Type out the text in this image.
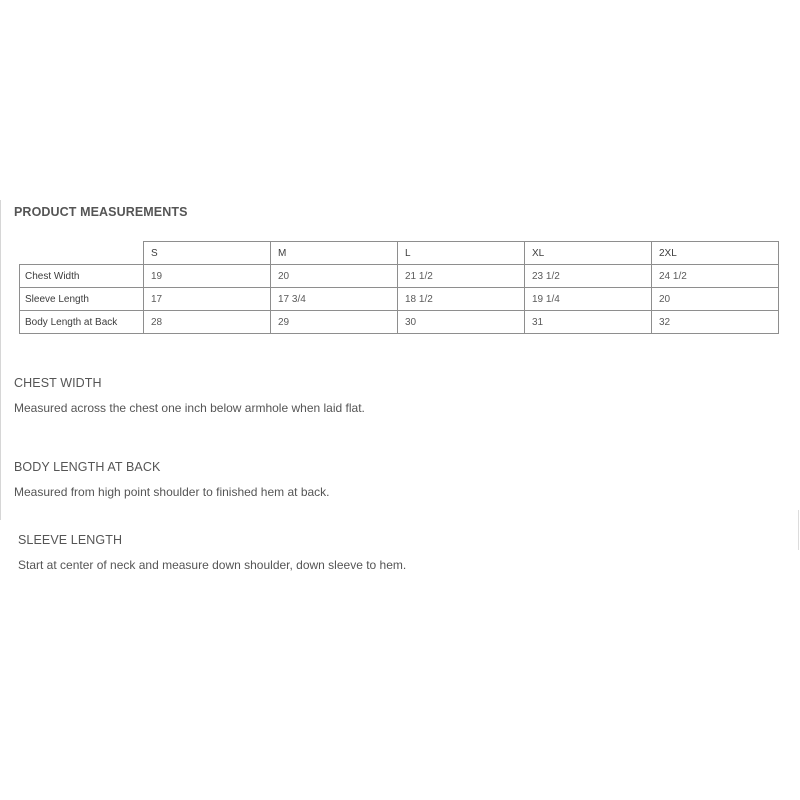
PRODUCT MEASUREMENTS
	S	M	L	XL	2XL
Chest Width	19	20	21 1/2	23 1/2	24 1/2
Sleeve Length	17	17 3/4	18 1/2	19 1/4	20
Body Length at Back	28	29	30	31	32
CHEST WIDTH
Measured across the chest one inch below armhole when laid flat.
BODY LENGTH AT BACK
Measured from high point shoulder to finished hem at back.
SLEEVE LENGTH
Start at center of neck and measure down shoulder, down sleeve to hem.
